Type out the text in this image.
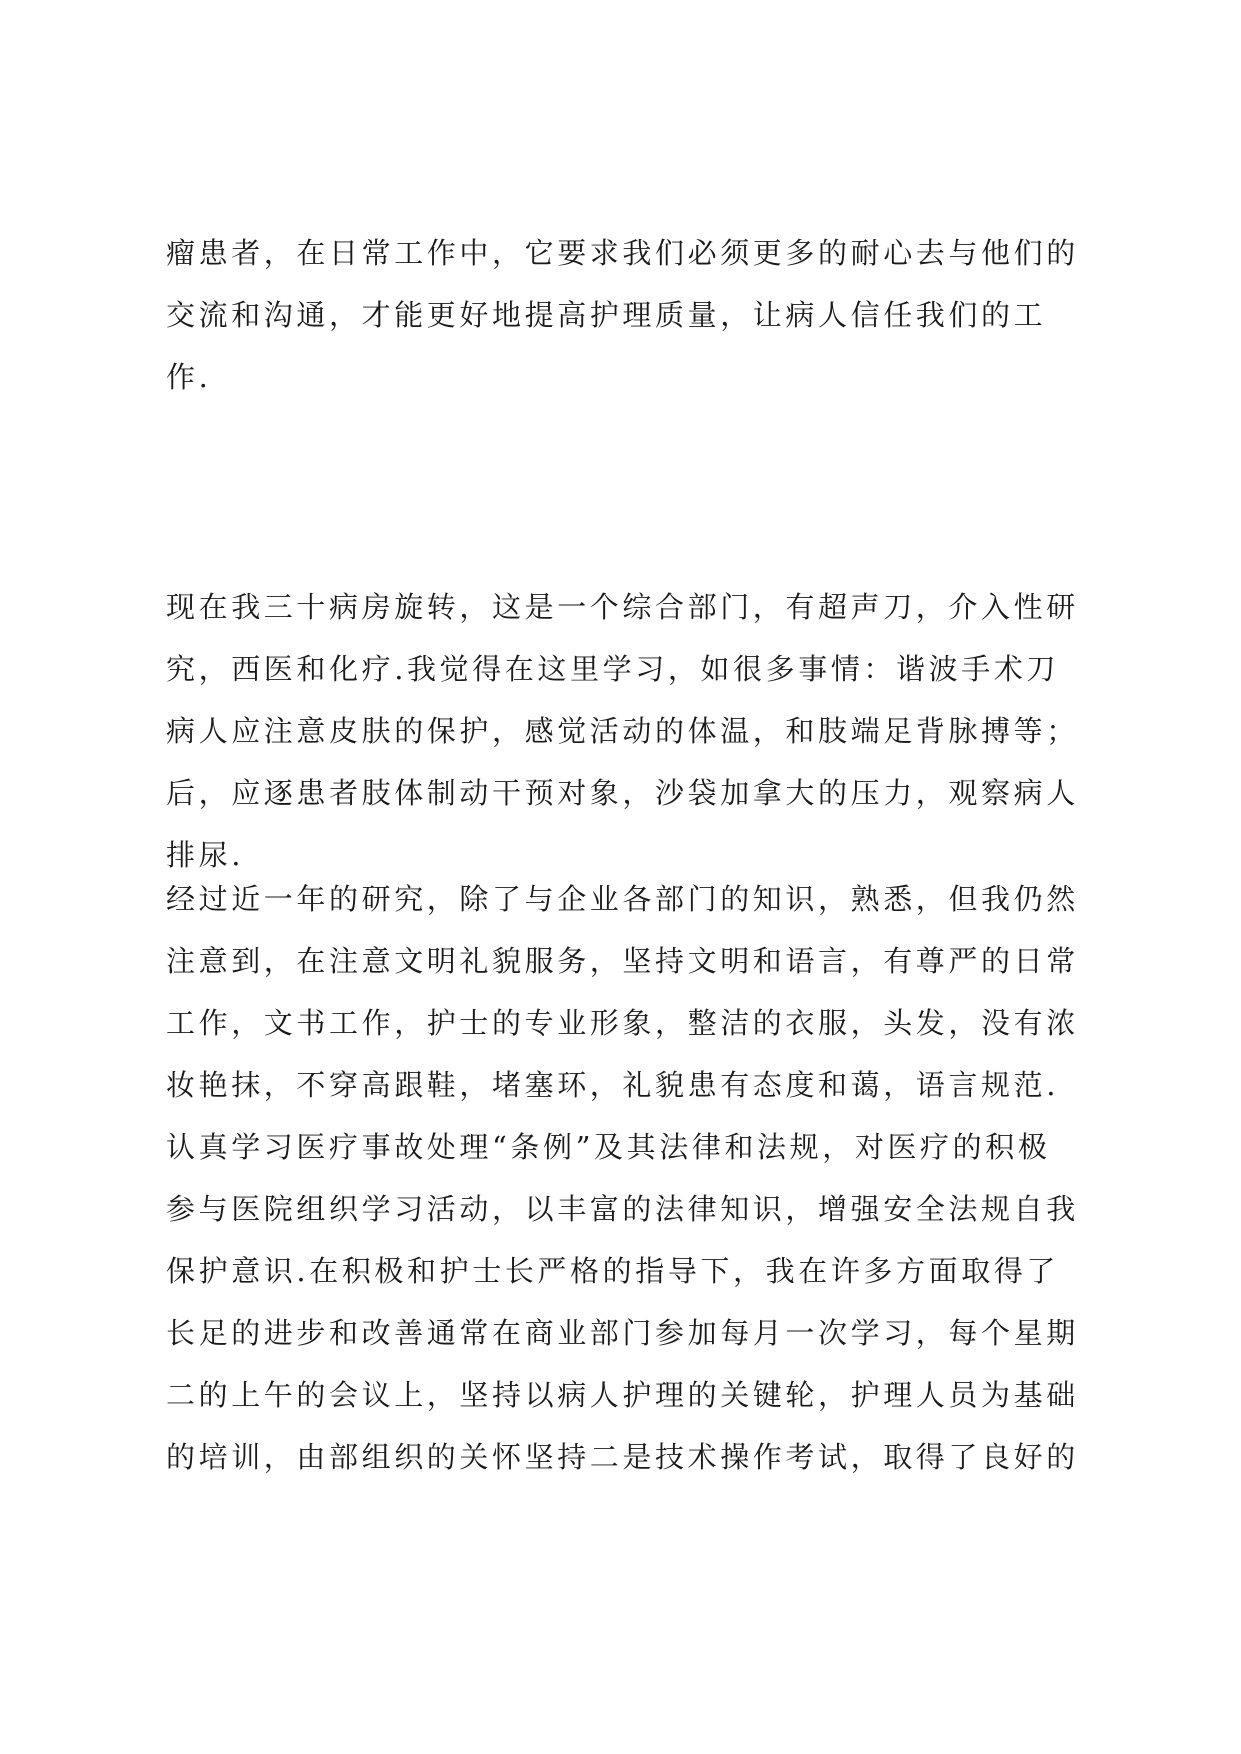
瘤患者，在日常工作中，它要求我们必须更多的耐心去与他们的
交流和沟通，才能更好地提高护理质量，让病人信任我们的工
作.
现在我三十病房旋转，这是一个综合部门，有超声刀，介入性研
究，西医和化疗.我觉得在这里学习，如很多事情：谐波手术刀
病人应注意皮肤的保护，感觉活动的体温，和肢端足背脉搏等；
后，应逐患者肢体制动干预对象，沙袋加拿大的压力，观察病人
排尿.
经过近一年的研究，除了与企业各部门的知识，熟悉，但我仍然
注意到，在注意文明礼貌服务，坚持文明和语言，有尊严的日常
工作，文书工作，护士的专业形象，整洁的衣服，头发，没有浓
妆艳抹，不穿高跟鞋，堵塞环，礼貌患有态度和蔼，语言规范.
认真学习医疗事故处理“条例”及其法律和法规，对医疗的积极
参与医院组织学习活动，以丰富的法律知识，增强安全法规自我
保护意识.在积极和护士长严格的指导下，我在许多方面取得了
长足的进步和改善通常在商业部门参加每月一次学习，每个星期
二的上午的会议上，坚持以病人护理的关键轮，护理人员为基础
的培训，由部组织的关怀坚持二是技术操作考试，取得了良好的
